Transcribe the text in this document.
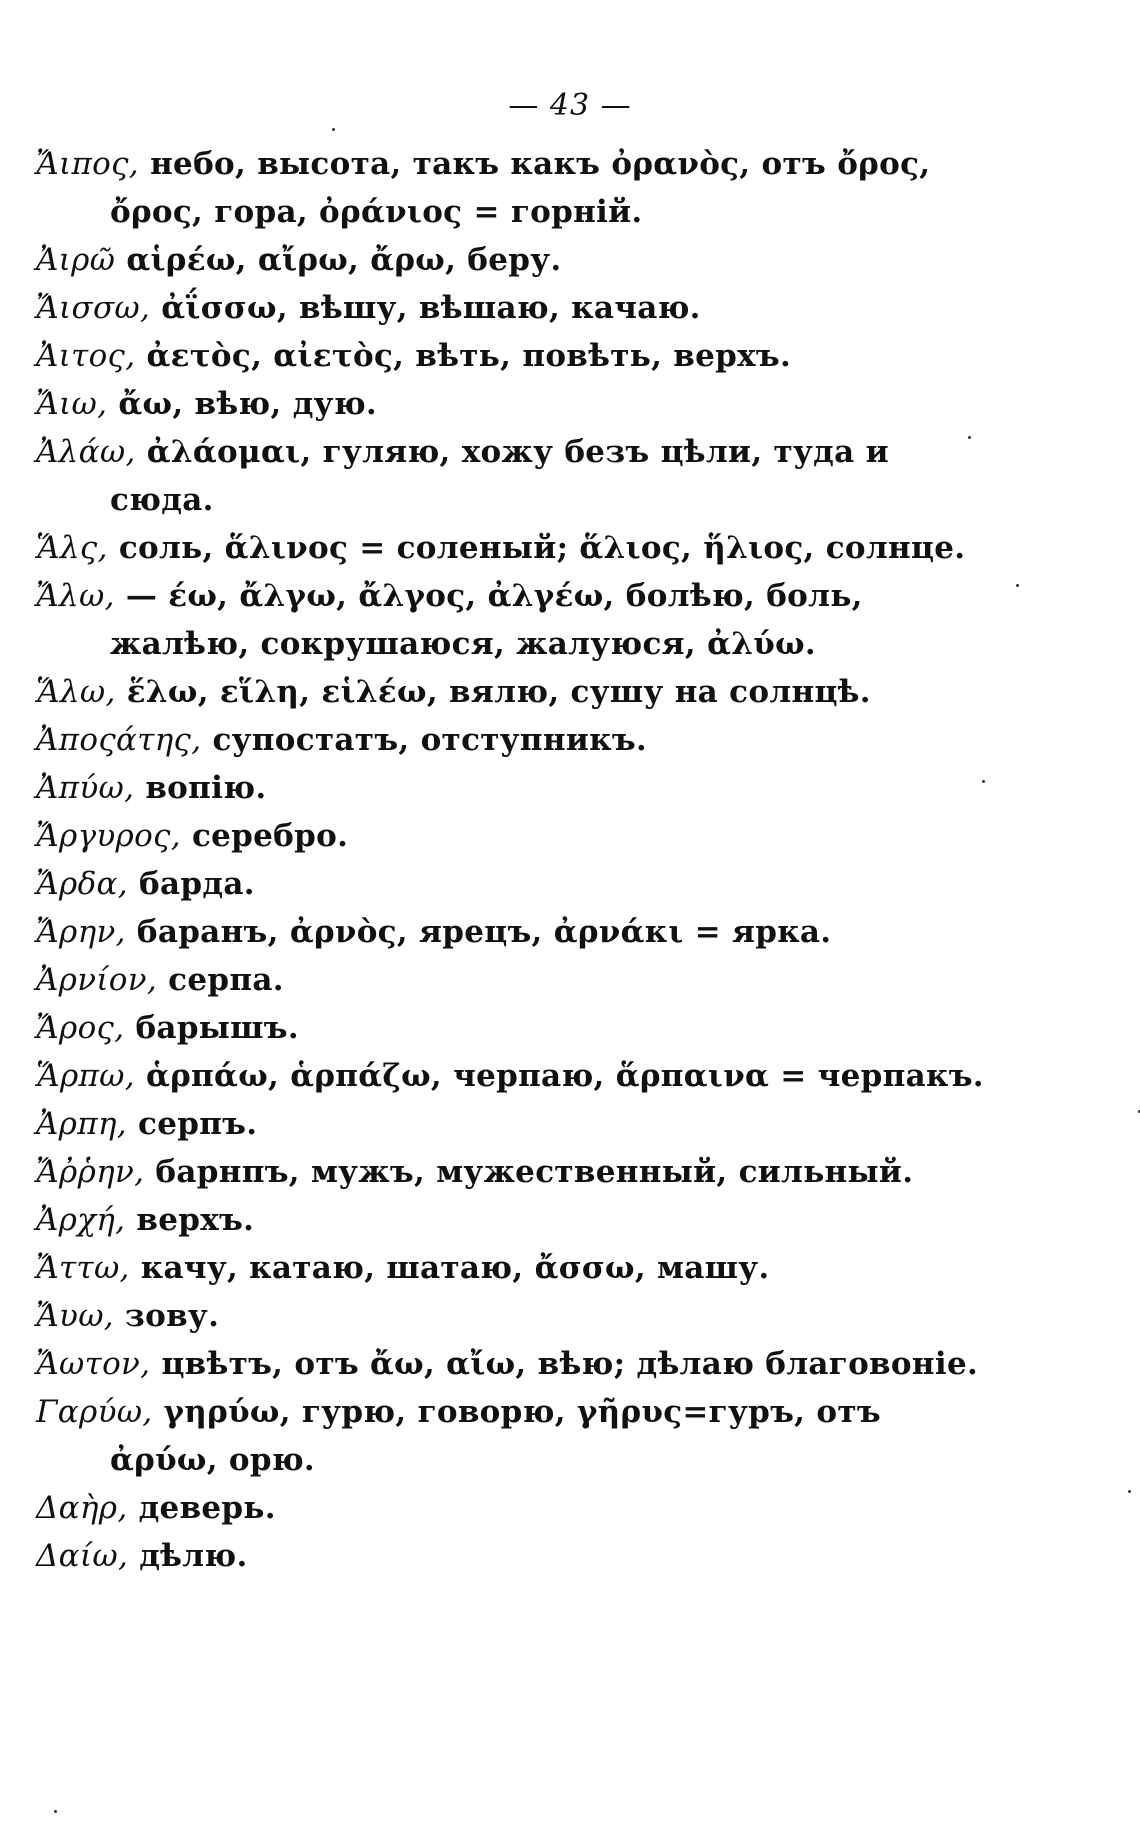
— 43 —
Ἄιπος, небо, высота, такъ какъ ὀρανὸς, отъ ὄρος, ὄρος, гора, ὀράνιος = горній.
Ἀιρῶ αἱρέω, αἴρω, ἄρω, беру.
Ἄισσω, ἀΐσσω, вѣшу, вѣшаю, качаю.
Ἀιτος, ἀετὸς, αἰετὸς, вѣть, повѣть, верхъ.
Ἄιω, ἄω, вѣю, дую.
Ἀλάω, ἀλάομαι, гуляю, хожу безъ цѣли, туда и сюда.
Ἅλς, соль, ἅλινος = соленый; ἅλιος, ἥλιος, солнце.
Ἄλω, — έω, ἄλγω, ἄλγος, ἀλγέω, болѣю, боль, жалѣю, сокрушаюся, жалуюся, ἀλύω.
Ἅλω, ἕλω, εἵλη, εἱλέω, вялю, сушу на солнцѣ.
Ἀποςάτης, супостатъ, отступникъ.
Ἀπύω, вопію.
Ἄργυρος, серебро.
Ἄρδα, барда.
Ἄρην, баранъ, ἀρνὸς, ярецъ, ἀρνάκι = ярка.
Ἀρνίον, серпа.
Ἄρος, барышъ.
Ἅρπω, ἁρπάω, ἁρπάζω, черпаю, ἅρπαινα = черпакъ.
Ἀρπη, серпъ.
Ἄῤῥην, барнпъ, мужъ, мужественный, сильный.
Ἀρχή, верхъ.
Ἄττω, качу, катаю, шатаю, ἄσσω, машу.
Ἄυω, зову.
Ἄωτον, цвѣтъ, отъ ἄω, αἴω, вѣю; дѣлаю благовоніе.
Γαρύω, γηρύω, гурю, говорю, γῆρυς=гуръ, отъ ἀρύω, орю.
Δαὴρ, деверь.
Δαίω, дѣлю.
